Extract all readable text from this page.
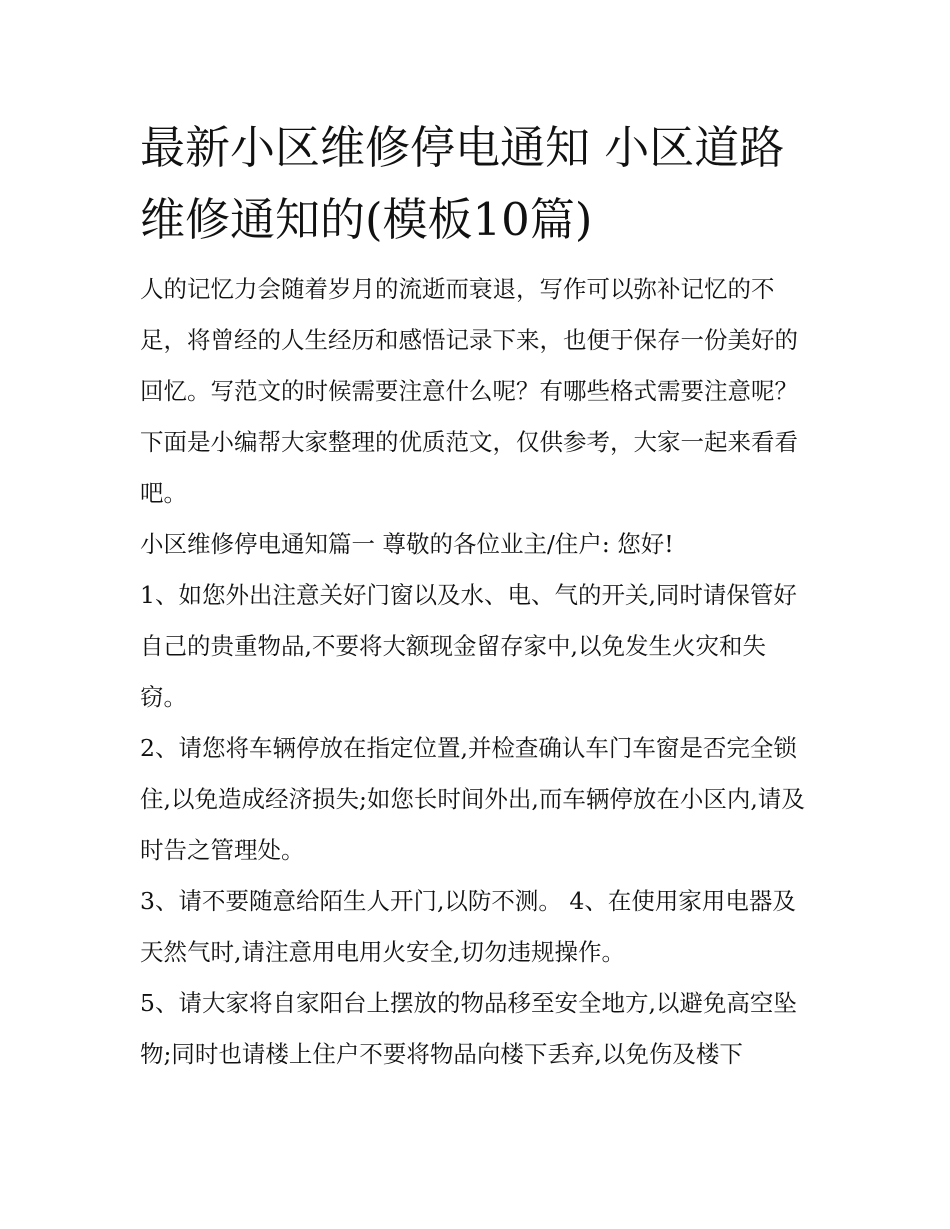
最新小区维修停电通知 小区道路维修通知的(模板10篇)

人的记忆力会随着岁月的流逝而衰退，写作可以弥补记忆的不足，将曾经的人生经历和感悟记录下来，也便于保存一份美好的回忆。写范文的时候需要注意什么呢？有哪些格式需要注意呢？下面是小编帮大家整理的优质范文，仅供参考，大家一起来看看吧。

小区维修停电通知篇一 尊敬的各位业主/住户: 您好!

1、如您外出注意关好门窗以及水、电、气的开关,同时请保管好自己的贵重物品,不要将大额现金留存家中,以免发生火灾和失窃。

2、请您将车辆停放在指定位置,并检查确认车门车窗是否完全锁住,以免造成经济损失;如您长时间外出,而车辆停放在小区内,请及时告之管理处。

3、请不要随意给陌生人开门,以防不测。 4、在使用家用电器及天然气时,请注意用电用火安全,切勿违规操作。

5、请大家将自家阳台上摆放的物品移至安全地方,以避免高空坠物;同时也请楼上住户不要将物品向楼下丢弃,以免伤及楼下
